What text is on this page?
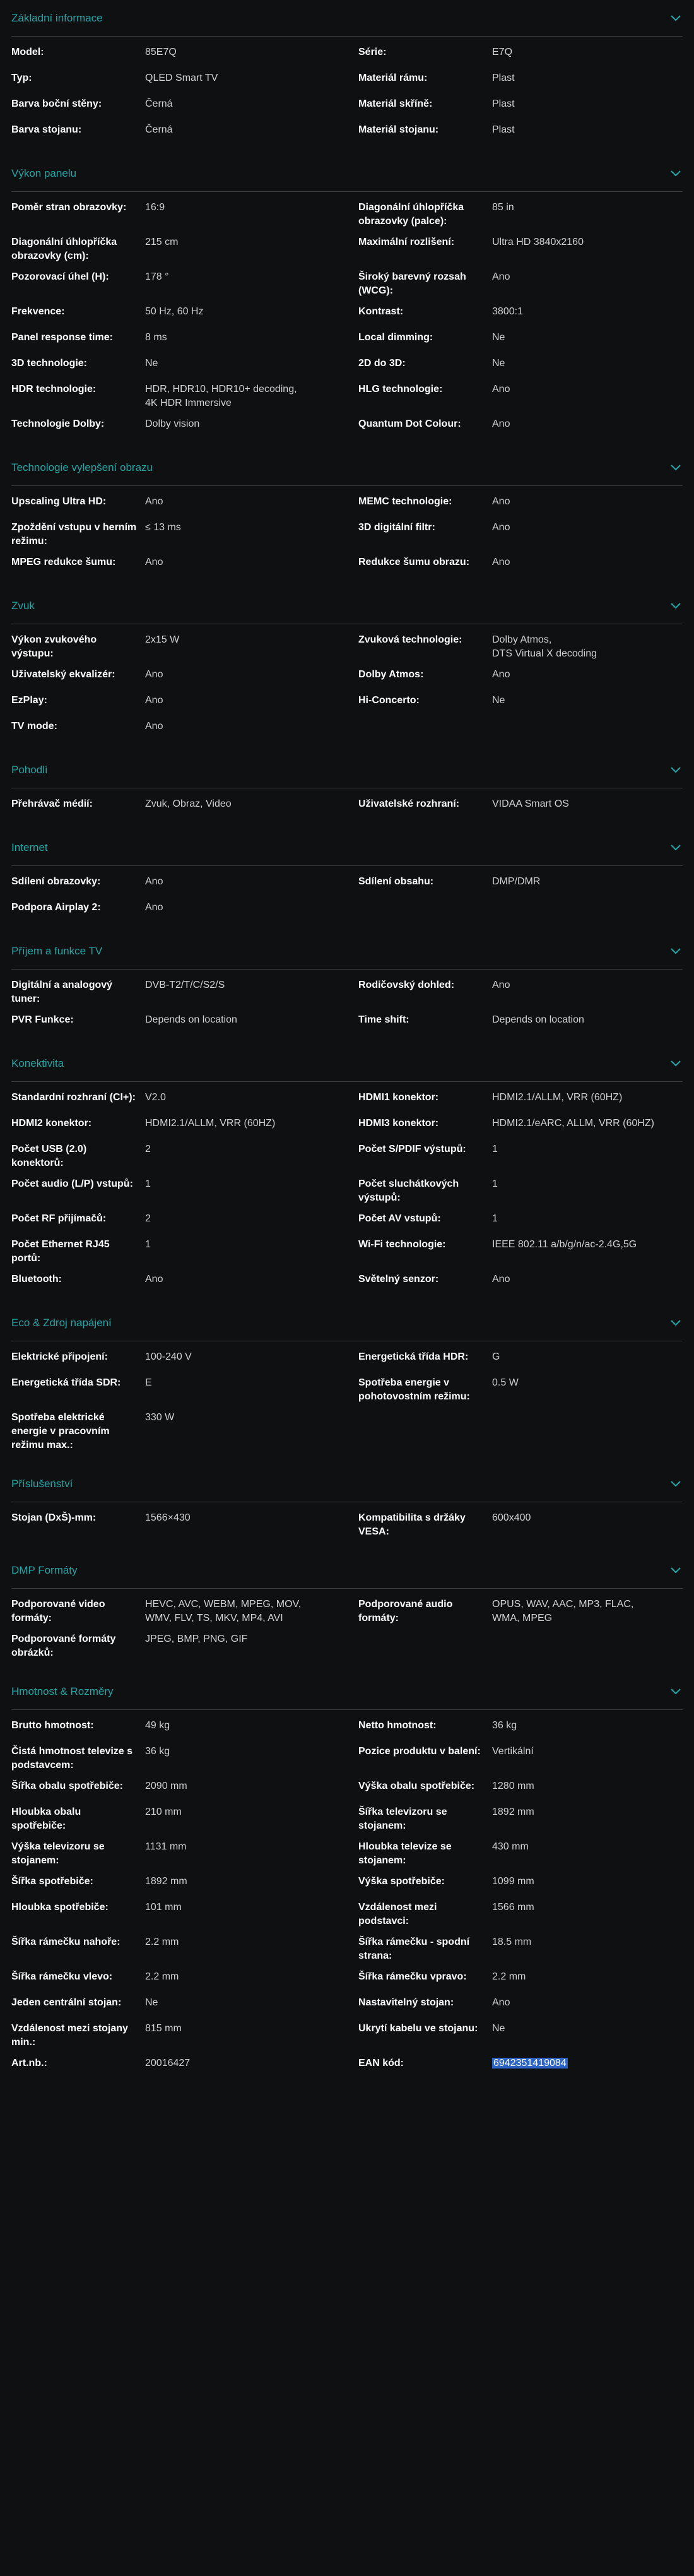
Základní informace
Model:	85E7Q	Série:	E7Q
Typ:	QLED Smart TV	Materiál rámu:	Plast
Barva boční stěny:	Černá	Materiál skříně:	Plast
Barva stojanu:	Černá	Materiál stojanu:	Plast
Výkon panelu
Poměr stran obrazovky:	16:9	Diagonální úhlopříčka obrazovky (palce):
85 in
Diagonální úhlopříčka obrazovky (cm):
215 cm	Maximální rozlišení:	Ultra HD 3840x2160
Pozorovací úhel (H):	178 °	Široký barevný rozsah (WCG):
Ano
Frekvence:	50 Hz, 60 Hz	Kontrast:	3800:1
Panel response time:	8 ms	Local dimming:	Ne
3D technologie:	Ne	2D do 3D:	Ne
HDR technologie:	HDR, HDR10, HDR10+ decoding,
4K HDR Immersive
HLG technologie:	Ano
Technologie Dolby:	Dolby vision	Quantum Dot Colour:	Ano
Technologie vylepšení obrazu
Upscaling Ultra HD:	Ano	MEMC technologie:	Ano
Zpoždění vstupu v herním režimu:
≤ 13 ms	3D digitální filtr:	Ano
MPEG redukce šumu:	Ano	Redukce šumu obrazu:	Ano
Zvuk
Výkon zvukového výstupu:
2x15 W	Zvuková technologie:	Dolby Atmos,
DTS Virtual X decoding
Uživatelský ekvalizér:	Ano	Dolby Atmos:	Ano
EzPlay:	Ano	Hi-Concerto:	Ne
TV mode:	Ano
Pohodlí
Přehrávač médií:	Zvuk, Obraz, Video	Uživatelské rozhraní:	VIDAA Smart OS
Internet
Sdílení obrazovky:	Ano	Sdílení obsahu:	DMP/DMR
Podpora Airplay 2:	Ano
Příjem a funkce TV
Digitální a analogový tuner:
DVB-T2/T/C/S2/S	Rodičovský dohled:	Ano
PVR Funkce:	Depends on location	Time shift:	Depends on location
Konektivita
Standardní rozhraní (CI+): V2.0	HDMI1 konektor:	HDMI2.1/ALLM, VRR (60HZ)
HDMI2 konektor:	HDMI2.1/ALLM, VRR (60HZ)	HDMI3 konektor:	HDMI2.1/eARC, ALLM, VRR (60HZ)
Počet USB (2.0) konektorů:
2	Počet S/PDIF výstupů:	1
Počet audio (L/P) vstupů:	1	Počet sluchátkových výstupů:
1
Počet RF přijímačů:	2	Počet AV vstupů:	1
Počet Ethernet RJ45 portů:
1	Wi-Fi technologie:	IEEE 802.11 a/b/g/n/ac-2.4G,5G
Bluetooth:	Ano	Světelný senzor:	Ano
Eco & Zdroj napájení
Elektrické připojení:	100-240 V	Energetická třída HDR:	G
Energetická třída SDR:	E	Spotřeba energie v pohotovostním režimu:
0.5 W
Spotřeba elektrické energie v pracovním režimu max.:
330 W
Příslušenství
Stojan (DxŠ)-mm:	1566×430	Kompatibilita s držáky VESA:
600x400
DMP Formáty
Podporované video formáty:
HEVC, AVC, WEBM, MPEG, MOV,
WMV, FLV, TS, MKV, MP4, AVI
Podporované audio formáty:
OPUS, WAV, AAC, MP3, FLAC,
WMA, MPEG
Podporované formáty obrázků:
JPEG, BMP, PNG, GIF
Hmotnost & Rozměry
Brutto hmotnost:	49 kg	Netto hmotnost:	36 kg
Čistá hmotnost televize s podstavcem:
36 kg	Pozice produktu v balení:	Vertikální
Šířka obalu spotřebiče:	2090 mm	Výška obalu spotřebiče:	1280 mm
Hloubka obalu spotřebiče:
210 mm	Šířka televizoru se stojanem:
1892 mm
Výška televizoru se stojanem:
1131 mm	Hloubka televize se stojanem:
430 mm
Šířka spotřebiče:	1892 mm	Výška spotřebiče:	1099 mm
Hloubka spotřebiče:	101 mm	Vzdálenost mezi podstavci:
1566 mm
Šířka rámečku nahoře:	2.2 mm	Šířka rámečku - spodní strana:
18.5 mm
Šířka rámečku vlevo:	2.2 mm	Šířka rámečku vpravo:	2.2 mm
Jeden centrální stojan:	Ne	Nastavitelný stojan:	Ano
Vzdálenost mezi stojany min.:
815 mm	Ukrytí kabelu ve stojanu:	Ne
Art.nb.:	20016427	EAN kód:	6942351419084
